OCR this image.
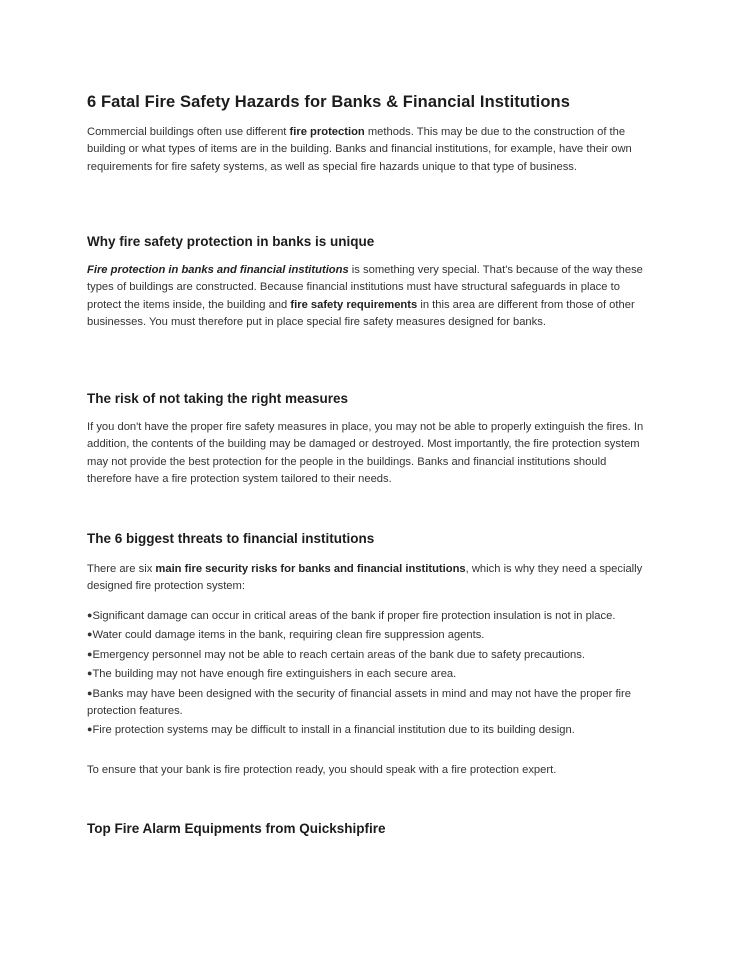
6 Fatal Fire Safety Hazards for Banks & Financial Institutions

Commercial buildings often use different fire protection methods. This may be due to the construction of the building or what types of items are in the building. Banks and financial institutions, for example, have their own requirements for fire safety systems, as well as special fire hazards unique to that type of business.

Why fire safety protection in banks is unique

Fire protection in banks and financial institutions is something very special. That's because of the way these types of buildings are constructed. Because financial institutions must have structural safeguards in place to protect the items inside, the building and fire safety requirements in this area are different from those of other businesses. You must therefore put in place special fire safety measures designed for banks.

The risk of not taking the right measures

If you don't have the proper fire safety measures in place, you may not be able to properly extinguish the fires. In addition, the contents of the building may be damaged or destroyed. Most importantly, the fire protection system may not provide the best protection for the people in the buildings. Banks and financial institutions should therefore have a fire protection system tailored to their needs.

The 6 biggest threats to financial institutions

There are six main fire security risks for banks and financial institutions, which is why they need a specially designed fire protection system:

●Significant damage can occur in critical areas of the bank if proper fire protection insulation is not in place.
●Water could damage items in the bank, requiring clean fire suppression agents.
●Emergency personnel may not be able to reach certain areas of the bank due to safety precautions.
●The building may not have enough fire extinguishers in each secure area.
●Banks may have been designed with the security of financial assets in mind and may not have the proper fire protection features.
●Fire protection systems may be difficult to install in a financial institution due to its building design.

To ensure that your bank is fire protection ready, you should speak with a fire protection expert.

Top Fire Alarm Equipments from Quickshipfire
